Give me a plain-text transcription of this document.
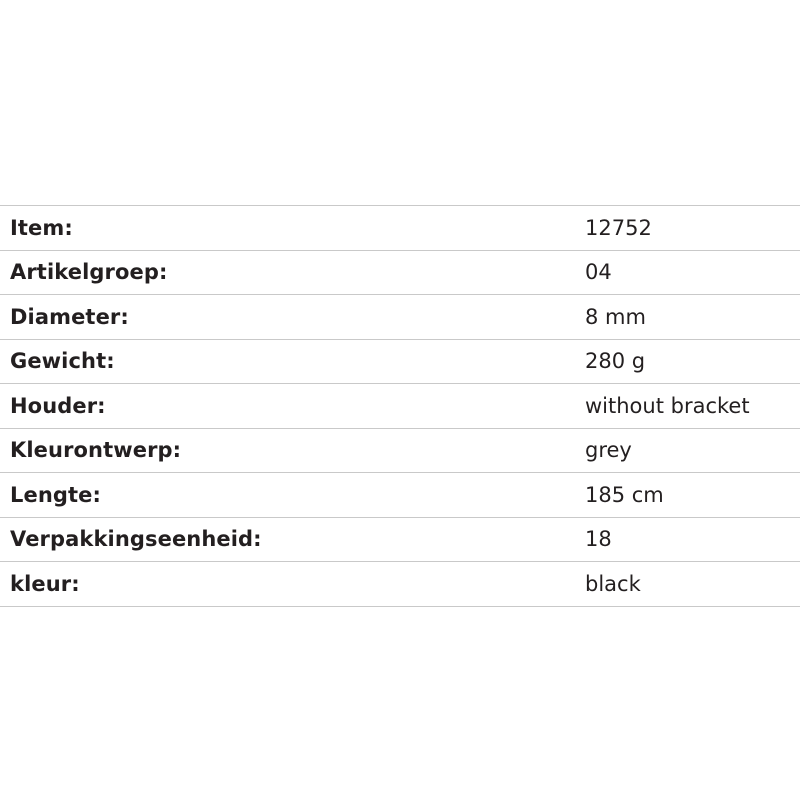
Item:	12752
Artikelgroep:	04
Diameter:	8 mm
Gewicht:	280 g
Houder:	without bracket
Kleurontwerp:	grey
Lengte:	185 cm
Verpakkingseenheid:	18
kleur:	black
